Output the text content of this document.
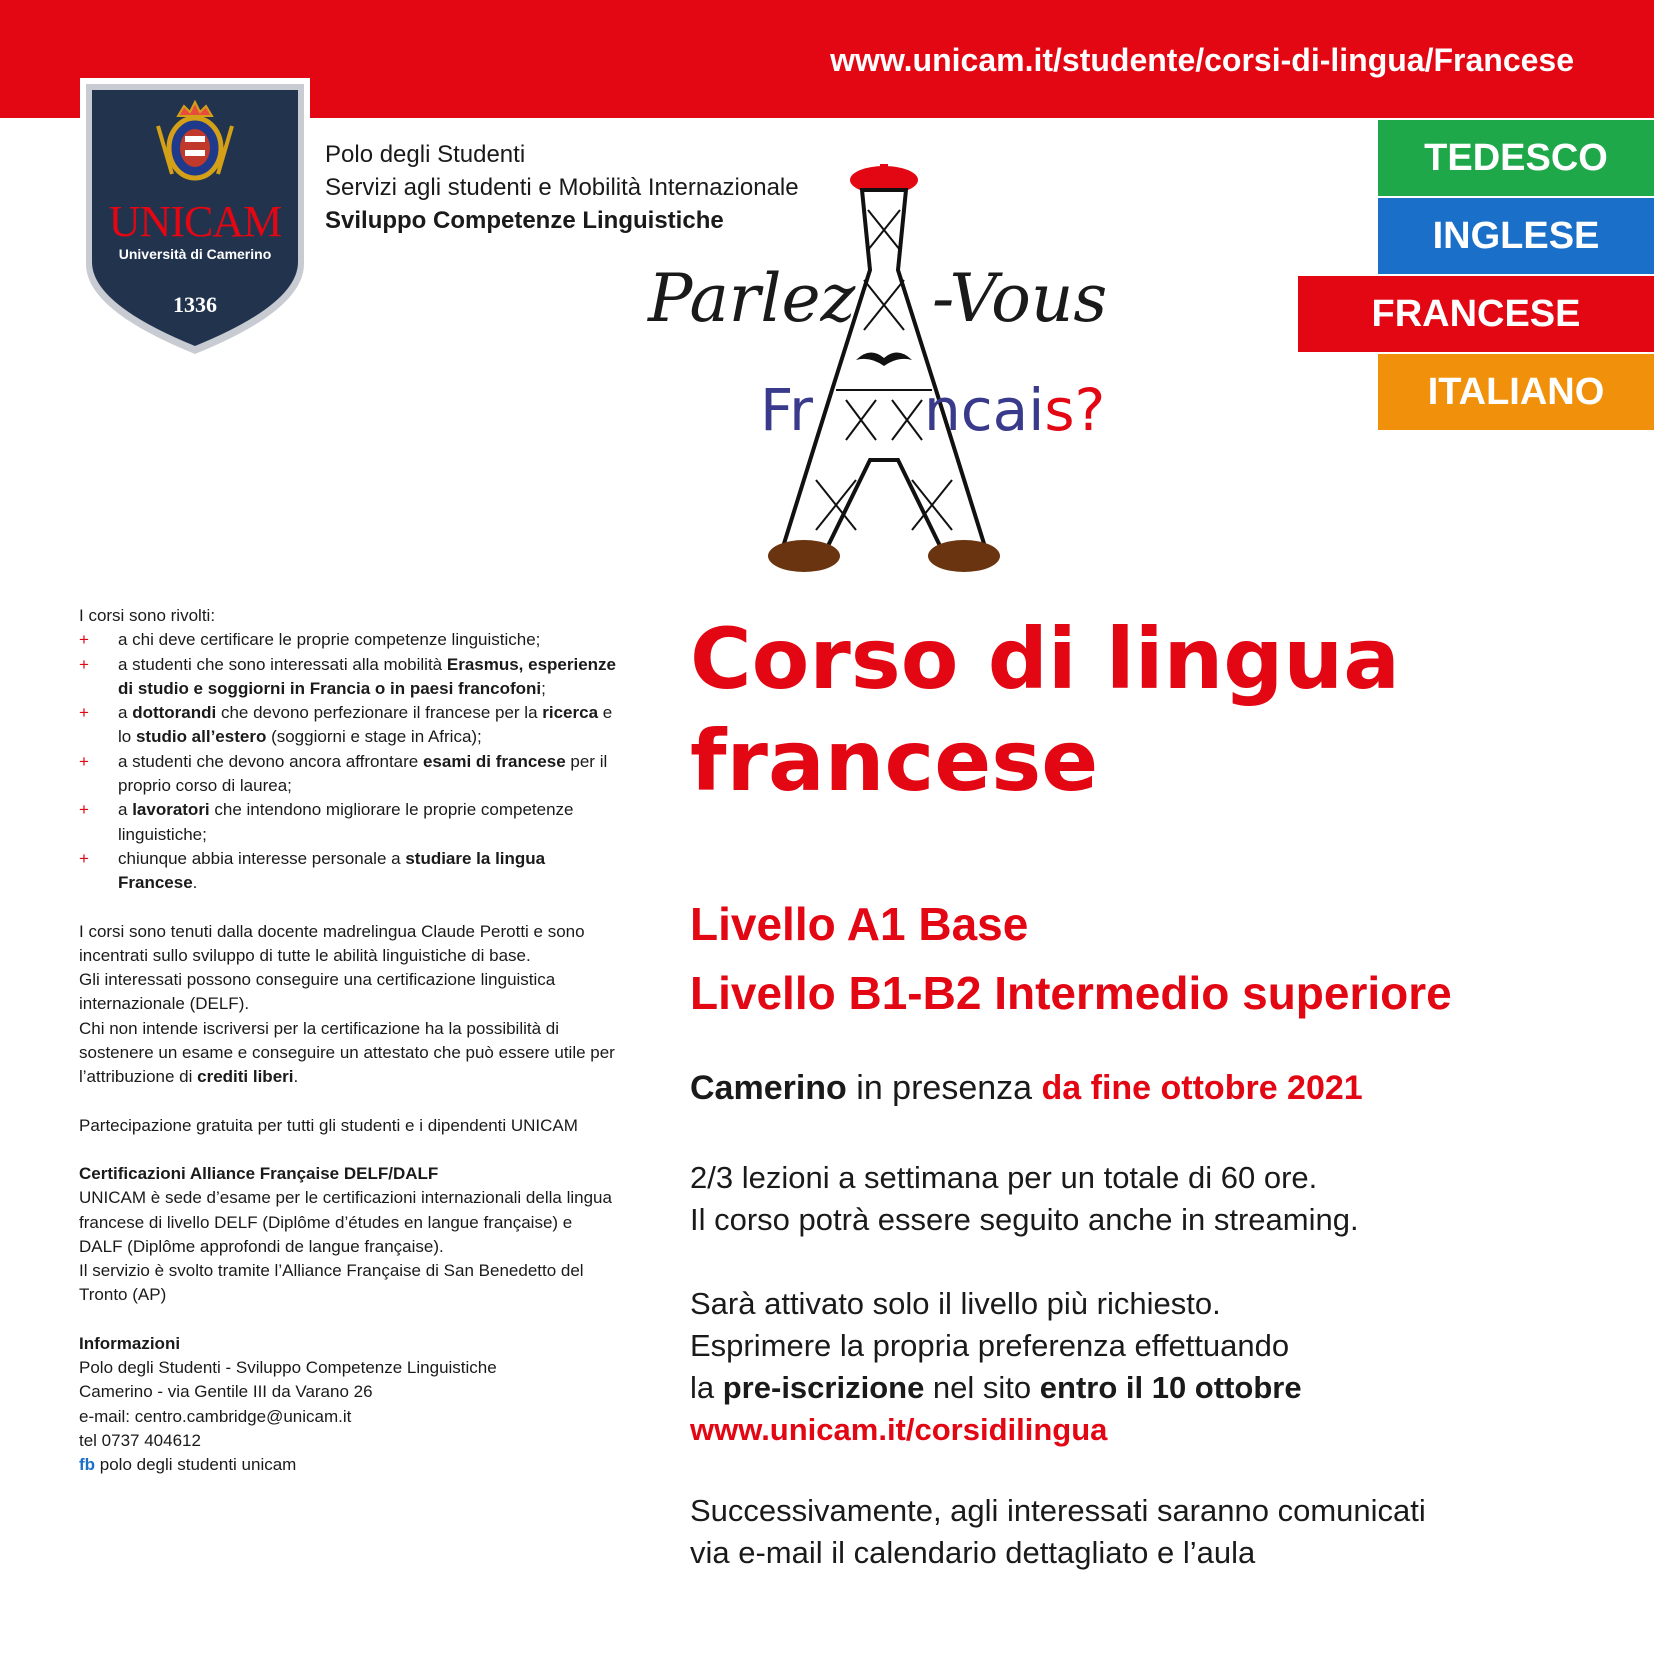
www.unicam.it/studente/corsi-di-lingua/Francese
UNICAM
Università di Camerino
1336
Polo degli Studenti
Servizi agli studenti e Mobilità Internazionale
Sviluppo Competenze Linguistiche
TEDESCO
INGLESE
FRANCESE
ITALIANO
Parlez -Vous
Fr ncais?
I corsi sono rivolti:
+ a chi deve certificare le proprie competenze linguistiche;
+ a studenti che sono interessati alla mobilità Erasmus, esperienze di studio e soggiorni in Francia o in paesi francofoni;
+ a dottorandi che devono perfezionare il francese per la ricerca e lo studio all’estero (soggiorni e stage in Africa);
+ a studenti che devono ancora affrontare esami di francese per il proprio corso di laurea;
+ a lavoratori che intendono migliorare le proprie competenze linguistiche;
+ chiunque abbia interesse personale a studiare la lingua Francese.
I corsi sono tenuti dalla docente madrelingua Claude Perotti e sono incentrati sullo sviluppo di tutte le abilità linguistiche di base.
Gli interessati possono conseguire una certificazione linguistica internazionale (DELF).
Chi non intende iscriversi per la certificazione ha la possibilità di sostenere un esame e conseguire un attestato che può essere utile per l’attribuzione di crediti liberi.
Partecipazione gratuita per tutti gli studenti e i dipendenti UNICAM
Certificazioni Alliance Française DELF/DALF
UNICAM è sede d’esame per le certificazioni internazionali della lingua francese di livello DELF (Diplôme d’études en langue française) e DALF (Diplôme approfondi de langue française).
Il servizio è svolto tramite l’Alliance Française di San Benedetto del Tronto (AP)
Informazioni
Polo degli Studenti - Sviluppo Competenze Linguistiche
Camerino - via Gentile III da Varano 26
e-mail: centro.cambridge@unicam.it
tel 0737 404612
fb polo degli studenti unicam
Corso di lingua
francese
Livello A1 Base
Livello B1-B2 Intermedio superiore
Camerino in presenza da fine ottobre 2021
2/3 lezioni a settimana per un totale di 60 ore.
Il corso potrà essere seguito anche in streaming.
Sarà attivato solo il livello più richiesto.
Esprimere la propria preferenza effettuando
la pre-iscrizione nel sito entro il 10 ottobre
www.unicam.it/corsidilingua
Successivamente, agli interessati saranno comunicati
via e-mail il calendario dettagliato e l’aula
